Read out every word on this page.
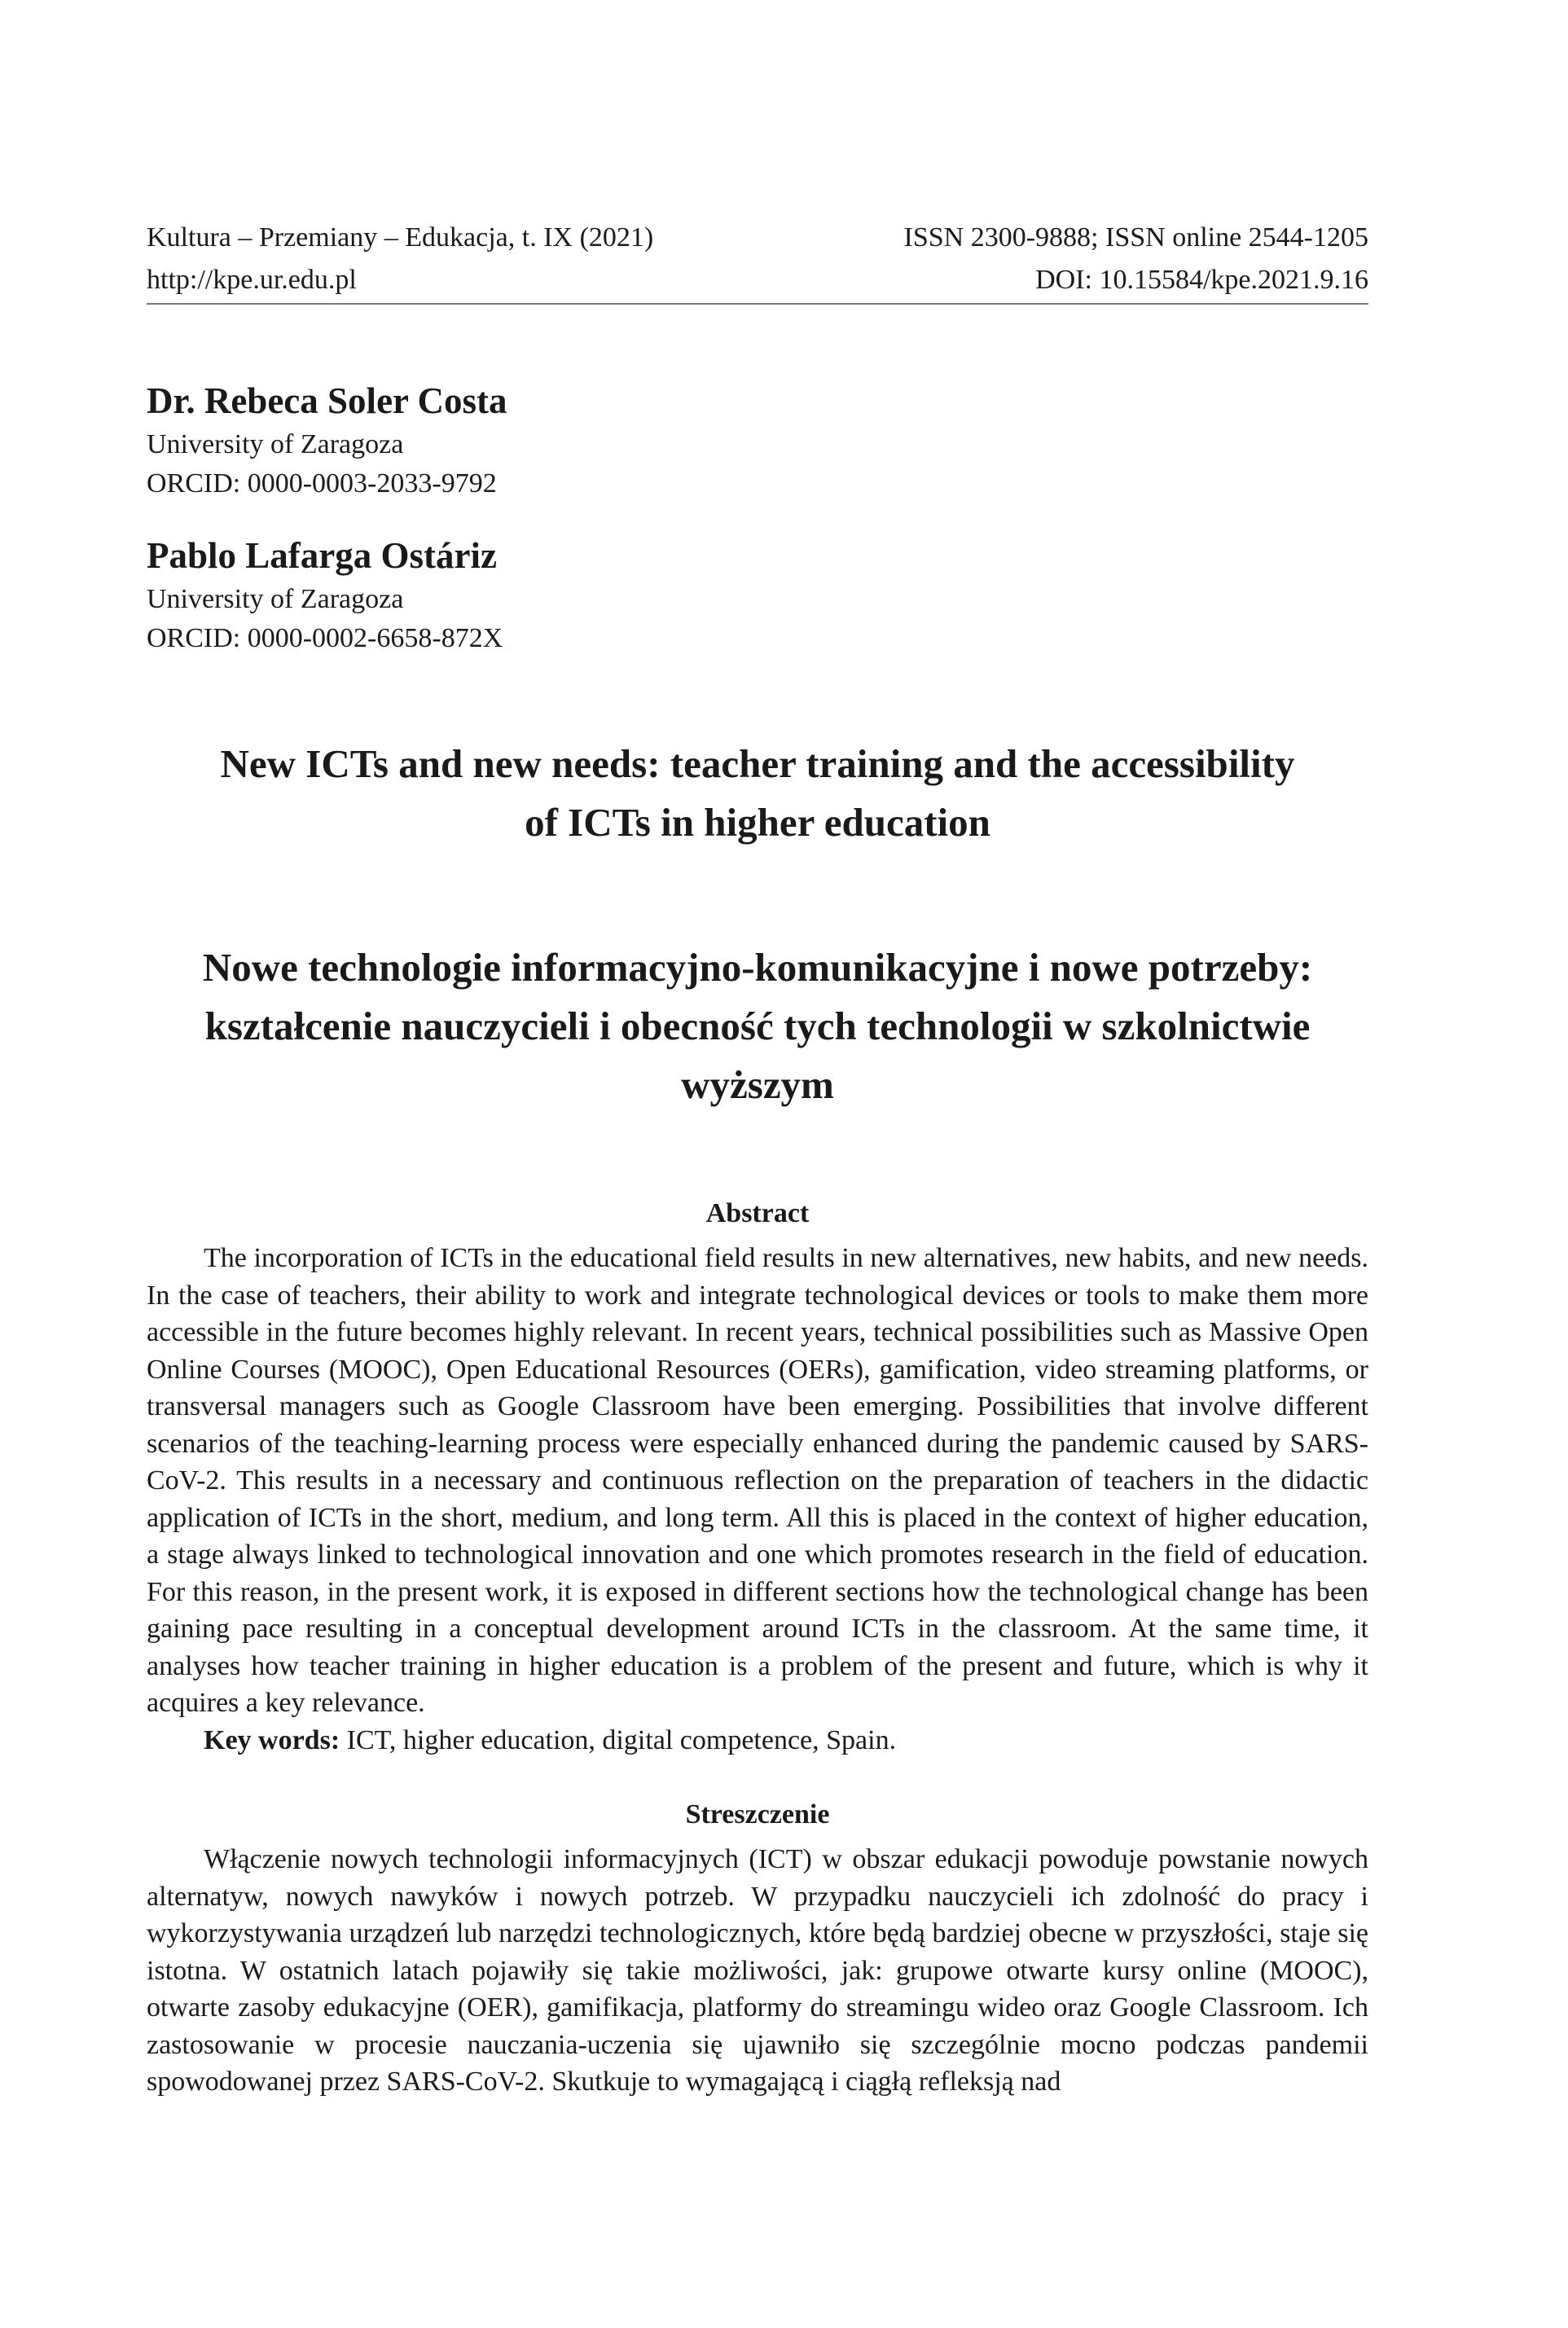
Kultura – Przemiany – Edukacja, t. IX (2021)	ISSN 2300-9888; ISSN online 2544-1205
http://kpe.ur.edu.pl	DOI: 10.15584/kpe.2021.9.16

Dr. Rebeca Soler Costa

University of Zaragoza
ORCID: 0000-0003-2033-9792

Pablo Lafarga Ostáriz

University of Zaragoza
ORCID: 0000-0002-6658-872X
New ICTs and new needs: teacher training and the accessibility
of ICTs in higher education
Nowe technologie informacyjno-komunikacyjne i nowe potrzeby:
kształcenie nauczycieli i obecność tych technologii w szkolnictwie
wyższym
Abstract

The incorporation of ICTs in the educational field results in new alternatives, new habits, and new needs. In the case of teachers, their ability to work and integrate technological devices or tools to make them more accessible in the future becomes highly relevant. In recent years, technical possibilities such as Massive Open Online Courses (MOOC), Open Educational Resources (OERs), gamification, video streaming platforms, or transversal managers such as Google Classroom have been emerging. Possibilities that involve different scenarios of the teaching-learning process were especially enhanced during the pandemic caused by SARS-CoV-2. This results in a necessary and continuous reflection on the preparation of teachers in the didactic application of ICTs in the short, medium, and long term. All this is placed in the context of higher education, a stage always linked to technological innovation and one which promotes research in the field of education. For this reason, in the present work, it is exposed in different sections how the technological change has been gaining pace resulting in a conceptual development around ICTs in the classroom. At the same time, it analyses how teacher training in higher education is a problem of the present and future, which is why it acquires a key relevance.

Key words: ICT, higher education, digital competence, Spain.

Streszczenie

Włączenie nowych technologii informacyjnych (ICT) w obszar edukacji powoduje powstanie nowych alternatyw, nowych nawyków i nowych potrzeb. W przypadku nauczycieli ich zdolność do pracy i wykorzystywania urządzeń lub narzędzi technologicznych, które będą bardziej obecne w przyszłości, staje się istotna. W ostatnich latach pojawiły się takie możliwości, jak: grupowe otwarte kursy online (MOOC), otwarte zasoby edukacyjne (OER), gamifikacja, platformy do streamingu wideo oraz Google Classroom. Ich zastosowanie w procesie nauczania-uczenia się ujawniło się szczególnie mocno podczas pandemii spowodowanej przez SARS-CoV-2. Skutkuje to wymagającą i ciągłą refleksją nad
